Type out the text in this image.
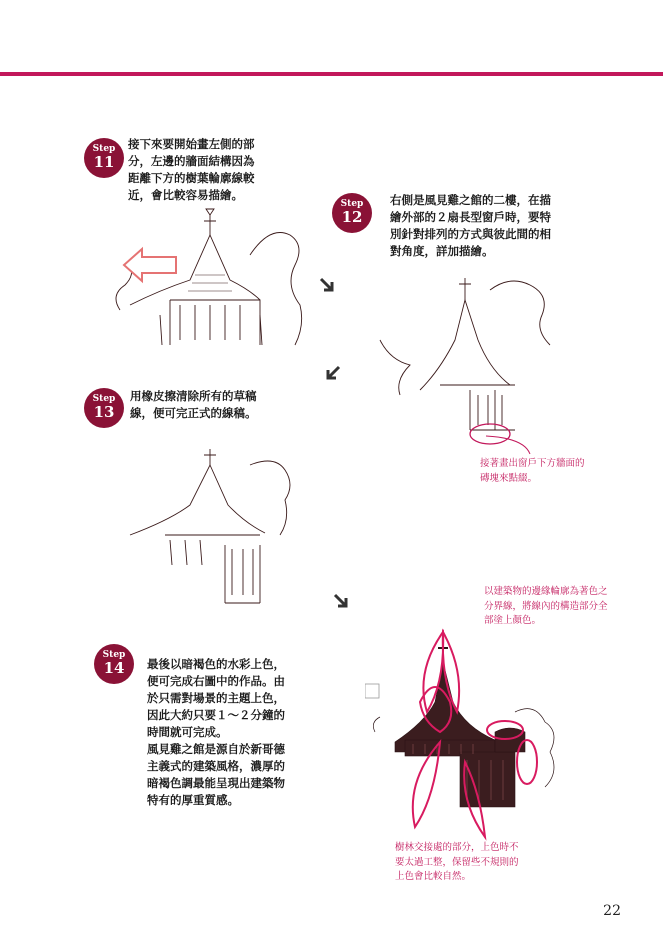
Step
11

接下來要開始畫左側的部
分，左邊的牆面結構因為
距離下方的樹葉輪廓線較
近，會比較容易描繪。

Step
12

右側是風見雞之館的二樓，在描
繪外部的２扇長型窗戶時，要特
別針對排列的方式與彼此間的相
對角度，詳加描繪。

接著畫出窗戶下方牆面的
磚塊來點綴。

Step
13

用橡皮擦清除所有的草稿
線，便可完正式的線稿。

以建築物的邊緣輪廓為著色之
分界線，將線內的構造部分全
部塗上顏色。

Step
14	最後以暗褐色的水彩上色，
便可完成右圖中的作品。由
於只需對場景的主題上色，
因此大約只要１～２分鐘的
時間就可完成。
風見雞之館是源自於新哥德
主義式的建築風格，濃厚的
暗褐色調最能呈現出建築物
特有的厚重質感。

樹林交接處的部分，上色時不
要太過工整，保留些不規則的
上色會比較自然。

22
